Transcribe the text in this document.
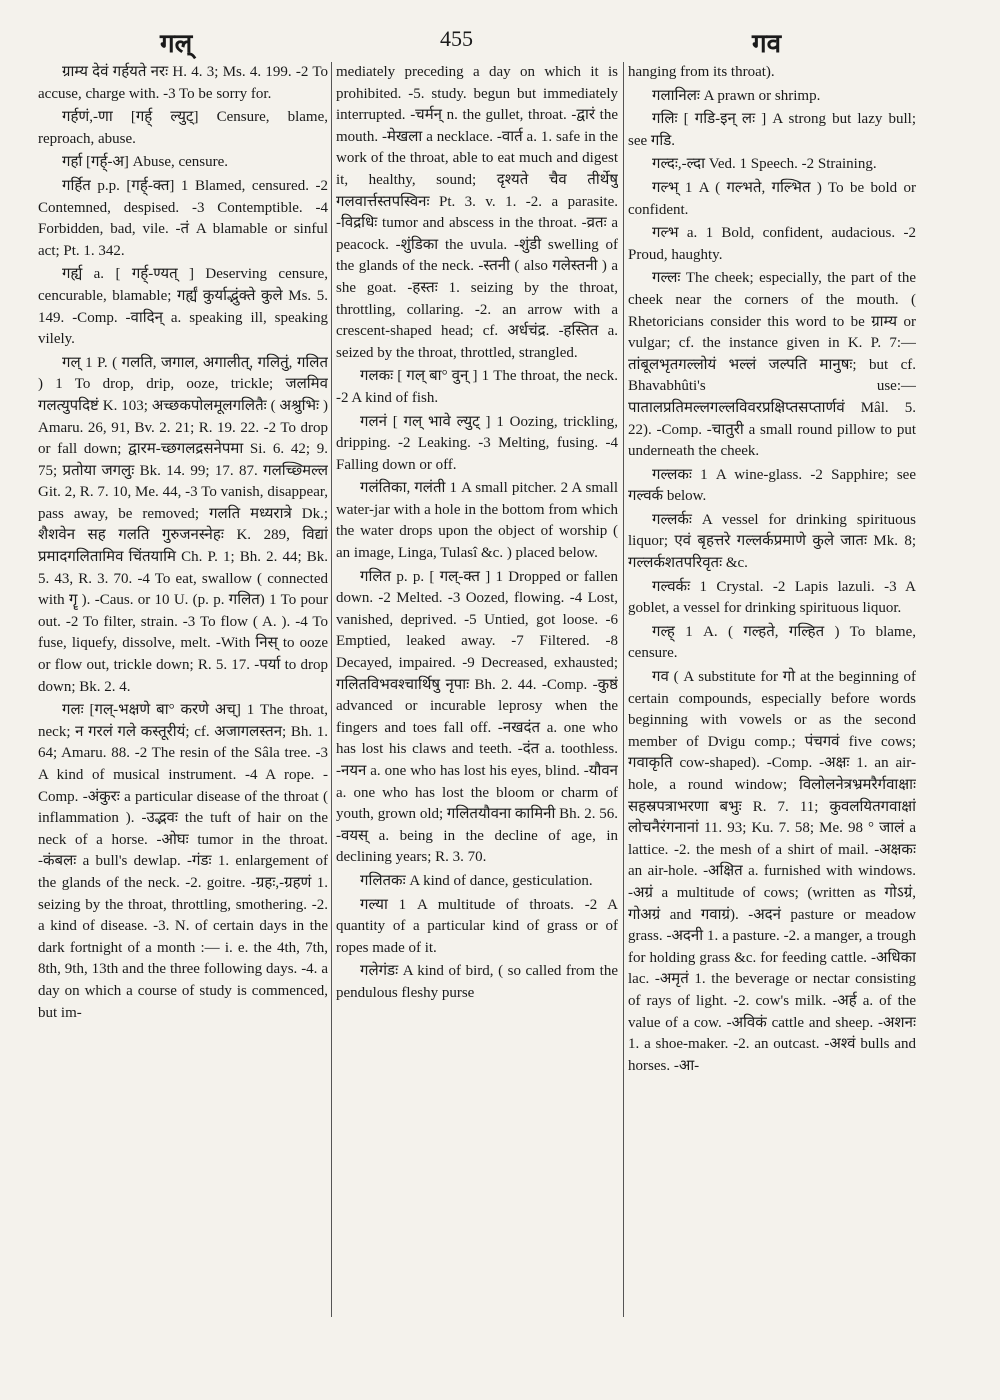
गल्	455	गव

ग्राम्य देवं गर्हयते नरः H. 4. 3; Ms. 4. 199. -2 To accuse, charge with. -3 To be sorry for.

गर्हणं,-णा [गर्ह् ल्युट्] Censure, blame, reproach, abuse.

गर्हा [गर्ह्-अ] Abuse, censure.

गर्हित p.p. [गर्ह्-क्त] 1 Blamed, censured. -2 Contemned, despised. -3 Contemptible. -4 Forbidden, bad, vile. -तं A blamable or sinful act; Pt. 1. 342.

गर्ह्य a. [ गर्ह्-ण्यत् ] Deserving censure, cencurable, blamable; गर्ह्यं कुर्याद्भुंक्ते कुले Ms. 5. 149. -Comp. -वादिन् a. speaking ill, speaking vilely.

गल् 1 P. ( गलति, जगाल, अगालीत्, गलितुं, गलित ) 1 To drop, drip, ooze, trickle; जलमिव गलत्युपदिष्टं K. 103; अच्छकपोलमूलगलितैः ( अश्रुभिः ) Amaru. 26, 91, Bv. 2. 21; R. 19. 22. -2 To drop or fall down; द्वारम-च्छगलद्रसनेपमा Si. 6. 42; 9. 75; प्रतोया जगलुः Bk. 14. 99; 17. 87. गलच्छ्मिल्ल Git. 2, R. 7. 10, Me. 44, -3 To vanish, disappear, pass away, be removed; गलति मध्यरात्रे Dk.; शैशवेन सह गलति गुरुजनस्नेहः K. 289, विद्यां प्रमादगलितामिव चिंतयामि Ch. P. 1; Bh. 2. 44; Bk. 5. 43, R. 3. 70. -4 To eat, swallow ( connected with गॄ ). -Caus. or 10 U. (p. p. गलित) 1 To pour out. -2 To filter, strain. -3 To flow ( A. ). -4 To fuse, liquefy, dissolve, melt. -With निस् to ooze or flow out, trickle down; R. 5. 17. -पर्या to drop down; Bk. 2. 4.

गलः [गल्-भक्षणे बा° करणे अच्] 1 The throat, neck; न गरलं गले कस्तूरीयं; cf. अजागलस्तन; Bh. 1. 64; Amaru. 88. -2 The resin of the Sâla tree. -3 A kind of musical instrument. -4 A rope. -Comp. -अंकुरः a particular disease of the throat ( inflammation ). -उद्भवः the tuft of hair on the neck of a horse. -ओघः tumor in the throat. -कंबलः a bull's dewlap. -गंडः 1. enlargement of the glands of the neck. -2. goitre. -ग्रहः,-ग्रहणं 1. seizing by the throat, throttling, smothering. -2. a kind of disease. -3. N. of certain days in the dark fortnight of a month :— i. e. the 4th, 7th, 8th, 9th, 13th and the three following days. -4. a day on which a course of study is commenced, but im-

mediately preceding a day on which it is prohibited. -5. study. begun but immediately interrupted. -चर्मन् n. the gullet, throat. -द्वारं the mouth. -मेखला a necklace. -वार्त a. 1. safe in the work of the throat, able to eat much and digest it, healthy, sound; दृश्यते चैव तीर्थेषु गलवार्त्तस्तपस्विनः Pt. 3. v. 1. -2. a parasite. -विद्रधिः tumor and abscess in the throat. -व्रतः a peacock. -शुंडिका the uvula. -शुंडी swelling of the glands of the neck. -स्तनी ( also गलेस्तनी ) a she goat. -हस्तः 1. seizing by the throat, throttling, collaring. -2. an arrow with a crescent-shaped head; cf. अर्धचंद्र. -हस्तित a. seized by the throat, throttled, strangled.

गलकः [ गल् बा° वुन् ] 1 The throat, the neck. -2 A kind of fish.

गलनं [ गल् भावे ल्युट् ] 1 Oozing, trickling, dripping. -2 Leaking. -3 Melting, fusing. -4 Falling down or off.

गलंतिका, गलंती 1 A small pitcher. 2 A small water-jar with a hole in the bottom from which the water drops upon the object of worship ( an image, Linga, Tulasî &c. ) placed below.

गलित p. p. [ गल्-क्त ] 1 Dropped or fallen down. -2 Melted. -3 Oozed, flowing. -4 Lost, vanished, deprived. -5 Untied, got loose. -6 Emptied, leaked away. -7 Filtered. -8 Decayed, impaired. -9 Decreased, exhausted; गलितविभवश्चार्थिषु नृपाः Bh. 2. 44. -Comp. -कुष्ठं advanced or incurable leprosy when the fingers and toes fall off. -नखदंत a. one who has lost his claws and teeth. -दंत a. toothless. -नयन a. one who has lost his eyes, blind. -यौवन a. one who has lost the bloom or charm of youth, grown old; गलितयौवना कामिनी Bh. 2. 56. -वयस् a. being in the decline of age, in declining years; R. 3. 70.

गलितकः A kind of dance, gesticulation.

गल्या 1 A multitude of throats. -2 A quantity of a particular kind of grass or of ropes made of it.

गलेगंडः A kind of bird, ( so called from the pendulous fleshy purse

hanging from its throat).

गलानिलः A prawn or shrimp.

गलिः [ गडि-इन् लः ] A strong but lazy bull; see गडि.

गल्दः,-ल्दा Ved. 1 Speech. -2 Straining.

गल्भ् 1 A ( गल्भते, गल्भित ) To be bold or confident.

गल्भ a. 1 Bold, confident, audacious. -2 Proud, haughty.

गल्लः The cheek; especially, the part of the cheek near the corners of the mouth. ( Rhetoricians consider this word to be ग्राम्य or vulgar; cf. the instance given in K. P. 7:—तांबूलभृतगल्लोयं भल्लं जल्पति मानुषः; but cf. Bhavabhûti's use:—पातालप्रतिमल्लगल्लविवरप्रक्षिप्तसप्तार्णवं Mâl. 5. 22). -Comp. -चातुरी a small round pillow to put underneath the cheek.

गल्लकः 1 A wine-glass. -2 Sapphire; see गल्वर्क below.

गल्लर्कः A vessel for drinking spirituous liquor; एवं बृहत्तरे गल्लर्कप्रमाणे कुले जातः Mk. 8; गल्लर्कशतपरिवृतः &c.

गल्वर्कः 1 Crystal. -2 Lapis lazuli. -3 A goblet, a vessel for drinking spirituous liquor.

गल्ह् 1 A. ( गल्हते, गल्हित ) To blame, censure.

गव ( A substitute for गो at the beginning of certain compounds, especially before words beginning with vowels or as the second member of Dvigu comp.; पंचगवं five cows; गवाकृति cow-shaped). -Comp. -अक्षः 1. an air-hole, a round window; विलोलनेत्रभ्रमरैर्गवाक्षाः सहस्रपत्राभरणा बभुः R. 7. 11; कुवलयितगवाक्षां लोचनैरंगनानां 11. 93; Ku. 7. 58; Me. 98 ° जालं a lattice. -2. the mesh of a shirt of mail. -अक्षकः an air-hole. -अक्षित a. furnished with windows. -अग्रं a multitude of cows; (written as गोऽग्रं, गोअग्रं and गवाग्रं). -अदनं pasture or meadow grass. -अदनी 1. a pasture. -2. a manger, a trough for holding grass &c. for feeding cattle. -अधिका lac. -अमृतं 1. the beverage or nectar consisting of rays of light. -2. cow's milk. -अर्ह a. of the value of a cow. -अविकं cattle and sheep. -अशनः 1. a shoe-maker. -2. an outcast. -अश्वं bulls and horses. -आ-
